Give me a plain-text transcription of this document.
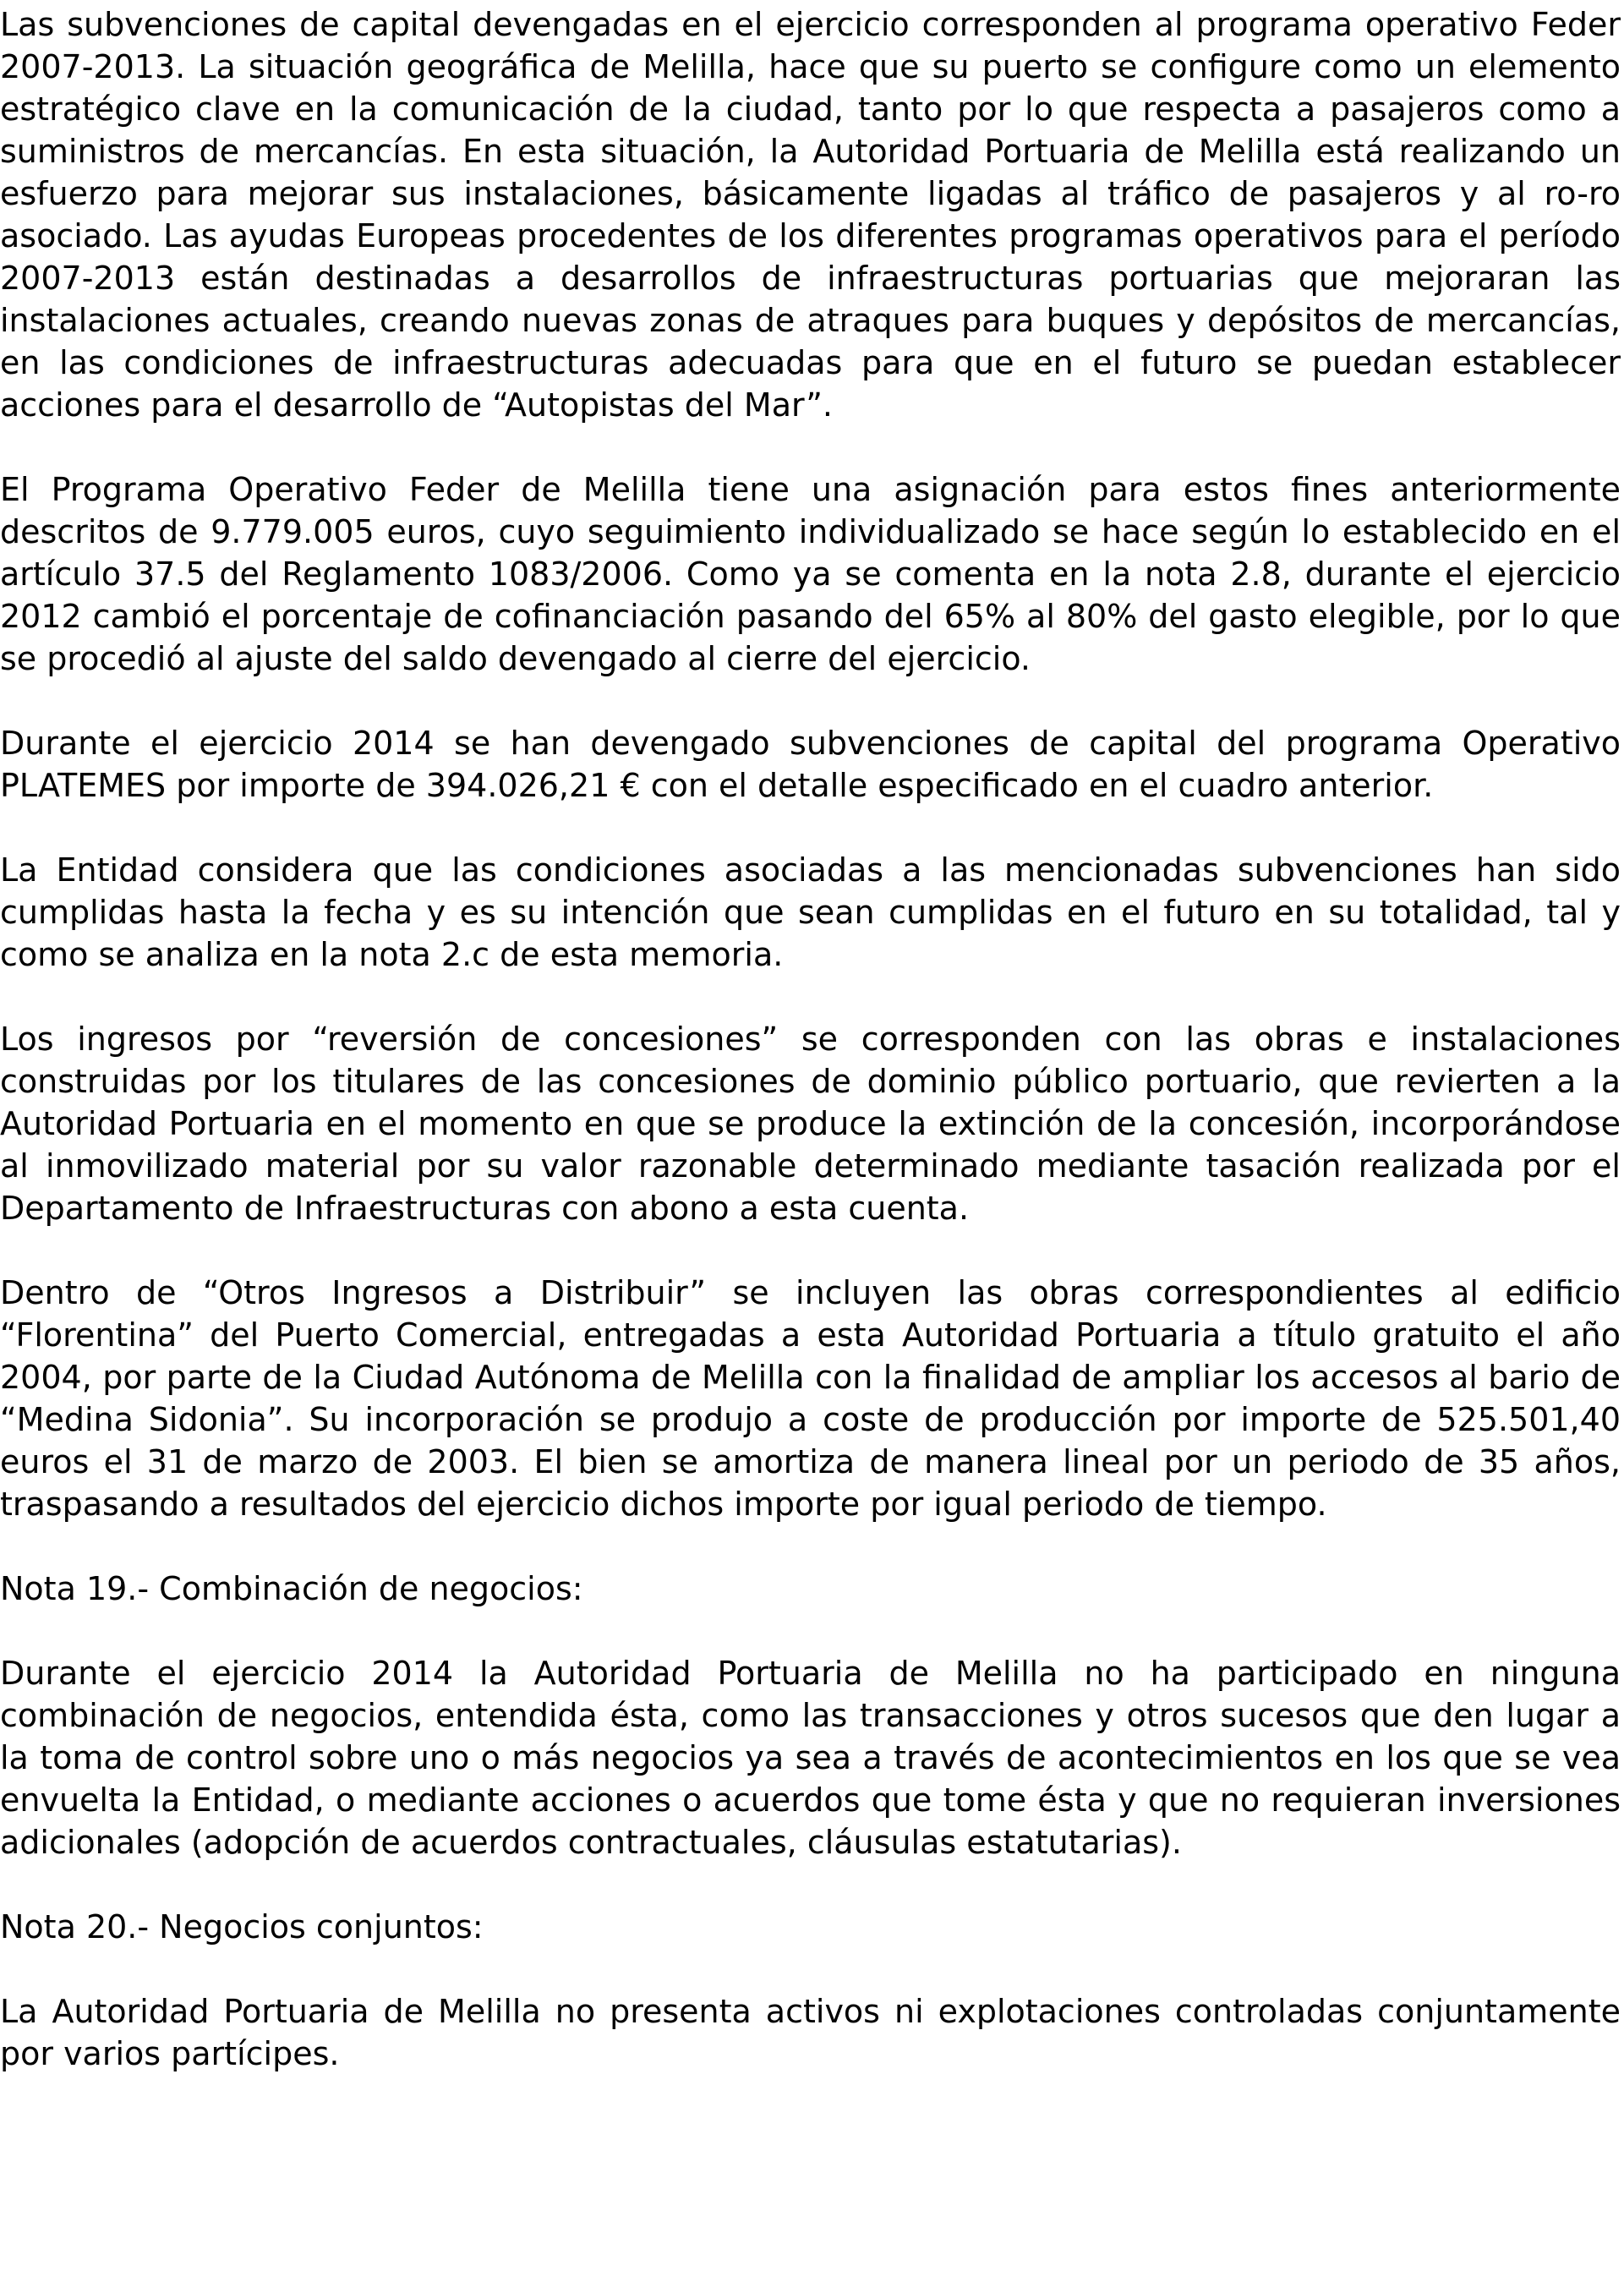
Las subvenciones de capital devengadas en el ejercicio corresponden al programa operativo Feder 2007-2013. La situación geográfica de Melilla, hace que su puerto se configure como un elemento estratégico clave en la comunicación de la ciudad, tanto por lo que respecta a pasajeros como a suministros de mercancías. En esta situación, la Autoridad Portuaria de Melilla está realizando un esfuerzo para mejorar sus instalaciones, básicamente ligadas al tráfico de pasajeros y al ro-ro asociado. Las ayudas Europeas procedentes de los diferentes programas operativos para el período 2007-2013 están destinadas a desarrollos de infraestructuras portuarias que mejoraran las instalaciones actuales, creando nuevas zonas de atraques para buques y depósitos de mercancías, en las condiciones de infraestructuras adecuadas para que en el futuro se puedan establecer acciones para el desarrollo de “Autopistas del Mar”.

El Programa Operativo Feder de Melilla tiene una asignación para estos fines anteriormente descritos de 9.779.005 euros, cuyo seguimiento individualizado se hace según lo establecido en el artículo 37.5 del Reglamento 1083/2006. Como ya se comenta en la nota 2.8, durante el ejercicio 2012 cambió el porcentaje de cofinanciación pasando del 65% al 80% del gasto elegible, por lo que se procedió al ajuste del saldo devengado al cierre del ejercicio.

Durante el ejercicio 2014 se han devengado subvenciones de capital del programa Operativo PLATEMES por importe de 394.026,21 € con el detalle especificado en el cuadro anterior.

La Entidad considera que las condiciones asociadas a las mencionadas subvenciones han sido cumplidas hasta la fecha y es su intención que sean cumplidas en el futuro en su totalidad, tal y como se analiza en la nota 2.c de esta memoria.

Los ingresos por “reversión de concesiones” se corresponden con las obras e instalaciones construidas por los titulares de las concesiones de dominio público portuario, que revierten a la Autoridad Portuaria en el momento en que se produce la extinción de la concesión, incorporándose al inmovilizado material por su valor razonable determinado mediante tasación realizada por el Departamento de Infraestructuras con abono a esta cuenta.

Dentro de “Otros Ingresos a Distribuir” se incluyen las obras correspondientes al edificio “Florentina” del Puerto Comercial, entregadas a esta Autoridad Portuaria a título gratuito el año 2004, por parte de la Ciudad Autónoma de Melilla con la finalidad de ampliar los accesos al bario de “Medina Sidonia”. Su incorporación se produjo a coste de producción por importe de 525.501,40 euros el 31 de marzo de 2003. El bien se amortiza de manera lineal por un periodo de 35 años, traspasando a resultados del ejercicio dichos importe por igual periodo de tiempo.

Nota 19.- Combinación de negocios:

Durante el ejercicio 2014 la Autoridad Portuaria de Melilla no ha participado en ninguna combinación de negocios, entendida ésta, como las transacciones y otros sucesos que den lugar a la toma de control sobre uno o más negocios ya sea a través de acontecimientos en los que se vea envuelta la Entidad, o mediante acciones o acuerdos que tome ésta y que no requieran inversiones adicionales (adopción de acuerdos contractuales, cláusulas estatutarias).

Nota 20.- Negocios conjuntos:

La Autoridad Portuaria de Melilla no presenta activos ni explotaciones controladas conjuntamente por varios partícipes.
